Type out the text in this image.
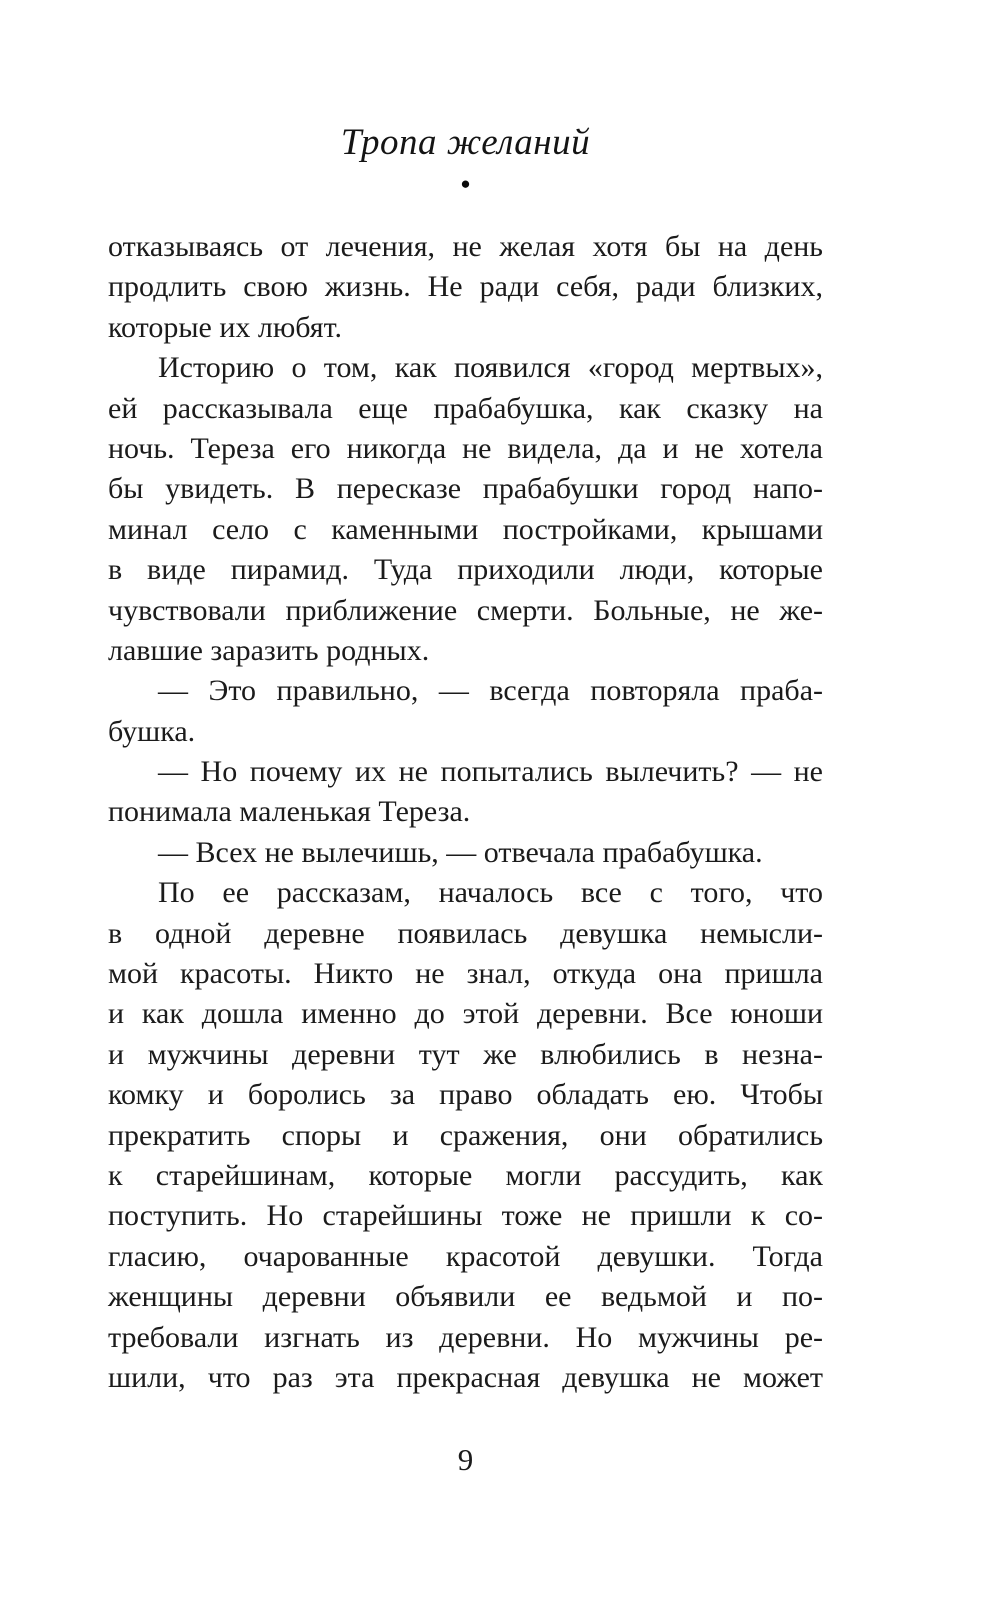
Тропа желаний
●
отказываясь от лечения, не желая хотя бы на день
продлить свою жизнь. Не ради себя, ради близких,
которые их любят.
Историю о том, как появился «город мертвых»,
ей рассказывала еще прабабушка, как сказку на
ночь. Тереза его никогда не видела, да и не хотела
бы увидеть. В пересказе прабабушки город напо-
минал село с каменными постройками, крышами
в виде пирамид. Туда приходили люди, которые
чувствовали приближение смерти. Больные, не же-
лавшие заразить родных.
— Это правильно, — всегда повторяла праба-
бушка.
— Но почему их не попытались вылечить? — не
понимала маленькая Тереза.
— Всех не вылечишь, — отвечала прабабушка.
По ее рассказам, началось все с того, что
в одной деревне появилась девушка немысли-
мой красоты. Никто не знал, откуда она пришла
и как дошла именно до этой деревни. Все юноши
и мужчины деревни тут же влюбились в незна-
комку и боролись за право обладать ею. Чтобы
прекратить споры и сражения, они обратились
к старейшинам, которые могли рассудить, как
поступить. Но старейшины тоже не пришли к со-
гласию, очарованные красотой девушки. Тогда
женщины деревни объявили ее ведьмой и по-
требовали изгнать из деревни. Но мужчины ре-
шили, что раз эта прекрасная девушка не может
9
